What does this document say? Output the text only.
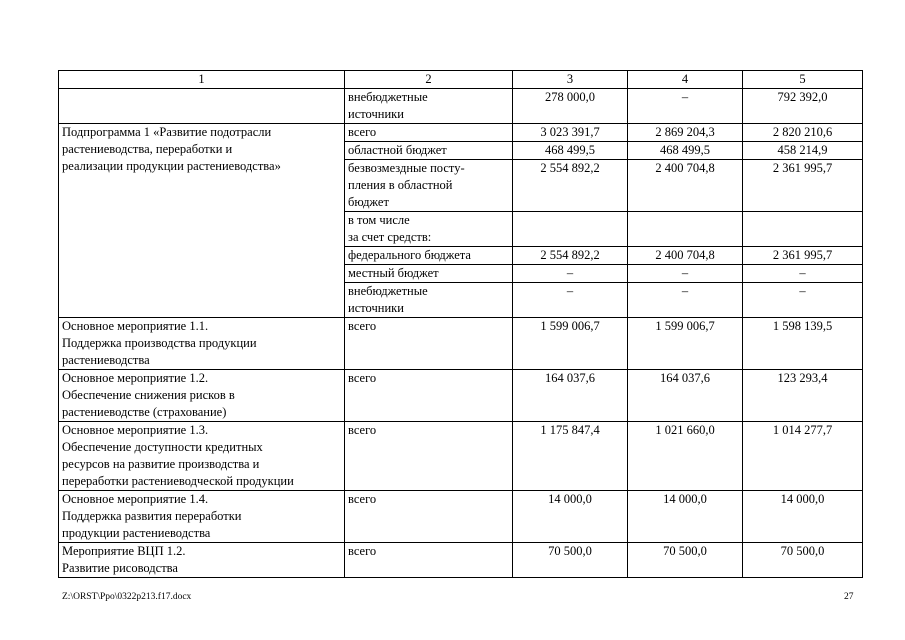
1	2	3	4	5

	внебюджетные
источники	278 000,0	–	792 392,0

Подпрограмма 1 «Развитие подотрасли
растениеводства, переработки и
реализации продукции растениеводства»	всего	3 023 391,7	2 869 204,3	2 820 210,6

	областной бюджет	468 499,5	468 499,5	458 214,9

	безвозмездные посту-
пления в областной
бюджет	2 554 892,2	2 400 704,8	2 361 995,7

	в том числе
за счет средств:			

	федерального бюджета	2 554 892,2	2 400 704,8	2 361 995,7

	местный бюджет	–	–	–

	внебюджетные
источники	–	–	–

Основное мероприятие 1.1.
Поддержка производства продукции
растениеводства	всего	1 599 006,7	1 599 006,7	1 598 139,5

Основное мероприятие 1.2.
Обеспечение снижения рисков в
растениеводстве (страхование)	всего	164 037,6	164 037,6	123 293,4

Основное мероприятие 1.3.
Обеспечение доступности кредитных
ресурсов на развитие производства и
переработки растениеводческой продукции	всего	1 175 847,4	1 021 660,0	1 014 277,7

Основное мероприятие 1.4.
Поддержка развития переработки
продукции растениеводства	всего	14 000,0	14 000,0	14 000,0

Мероприятие ВЦП 1.2.
Развитие рисоводства	всего	70 500,0	70 500,0	70 500,0
Z:\ORST\Ppo\0322p213.f17.docx	27
